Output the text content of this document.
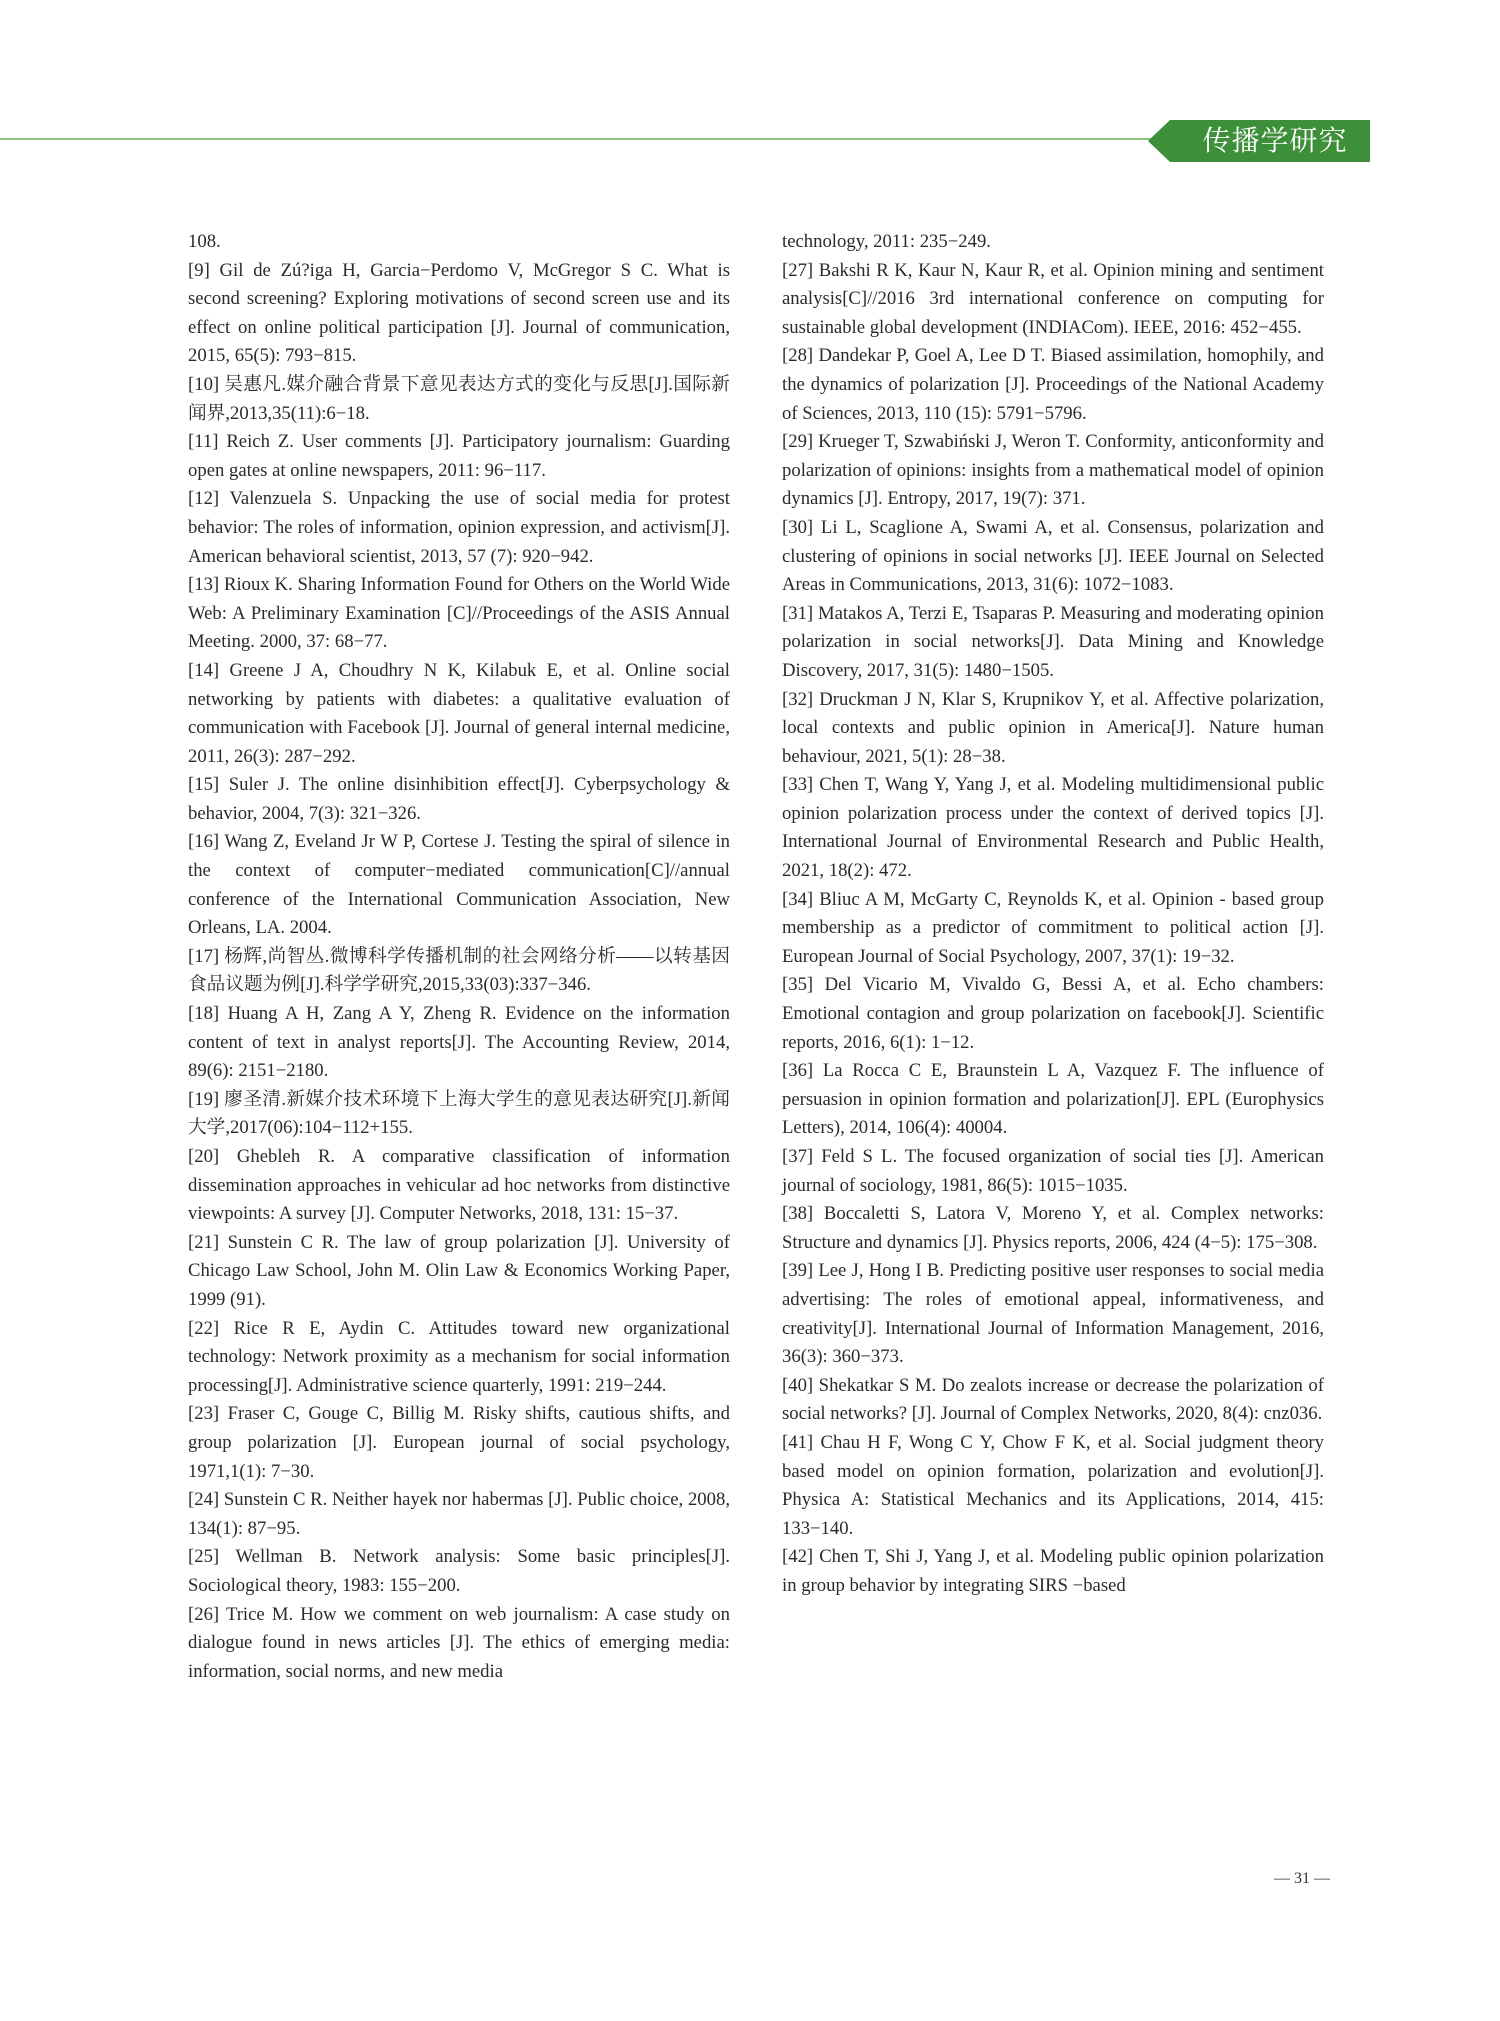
传播学研究

108.

[9] Gil de Zú?iga H, Garcia−Perdomo V, McGregor S C. What is second screening? Exploring motivations of second screen use and its effect on online political participation [J]. Journal of communication, 2015, 65(5): 793−815.

[10] 吴惠凡.媒介融合背景下意见表达方式的变化与反思[J].国际新闻界,2013,35(11):6−18.

[11] Reich Z. User comments [J]. Participatory journalism: Guarding open gates at online newspapers, 2011: 96−117.

[12] Valenzuela S. Unpacking the use of social media for protest behavior: The roles of information, opinion expression, and activism[J]. American behavioral scientist, 2013, 57 (7): 920−942.

[13] Rioux K. Sharing Information Found for Others on the World Wide Web: A Preliminary Examination [C]//Proceedings of the ASIS Annual Meeting. 2000, 37: 68−77.

[14] Greene J A, Choudhry N K, Kilabuk E, et al. Online social networking by patients with diabetes: a qualitative evaluation of communication with Facebook [J]. Journal of general internal medicine, 2011, 26(3): 287−292.

[15] Suler J. The online disinhibition effect[J]. Cyberpsychology & behavior, 2004, 7(3): 321−326.

[16] Wang Z, Eveland Jr W P, Cortese J. Testing the spiral of silence in the context of computer−mediated communication[C]//annual conference of the International Communication Association, New Orleans, LA. 2004.

[17] 杨辉,尚智丛.微博科学传播机制的社会网络分析——以转基因食品议题为例[J].科学学研究,2015,33(03):337−346.

[18] Huang A H, Zang A Y, Zheng R. Evidence on the information content of text in analyst reports[J]. The Accounting Review, 2014, 89(6): 2151−2180.

[19] 廖圣清.新媒介技术环境下上海大学生的意见表达研究[J].新闻大学,2017(06):104−112+155.

[20] Ghebleh R. A comparative classification of information dissemination approaches in vehicular ad hoc networks from distinctive viewpoints: A survey [J]. Computer Networks, 2018, 131: 15−37.

[21] Sunstein C R. The law of group polarization [J]. University of Chicago Law School, John M. Olin Law & Economics Working Paper, 1999 (91).

[22] Rice R E, Aydin C. Attitudes toward new organizational technology: Network proximity as a mechanism for social information processing[J]. Administrative science quarterly, 1991: 219−244.

[23] Fraser C, Gouge C, Billig M. Risky shifts, cautious shifts, and group polarization [J]. European journal of social psychology, 1971,1(1): 7−30.

[24] Sunstein C R. Neither hayek nor habermas [J]. Public choice, 2008, 134(1): 87−95.

[25] Wellman B. Network analysis: Some basic principles[J]. Sociological theory, 1983: 155−200.

[26] Trice M. How we comment on web journalism: A case study on dialogue found in news articles [J]. The ethics of emerging media: information, social norms, and new media

technology, 2011: 235−249.

[27] Bakshi R K, Kaur N, Kaur R, et al. Opinion mining and sentiment analysis[C]//2016 3rd international conference on computing for sustainable global development (INDIACom). IEEE, 2016: 452−455.

[28] Dandekar P, Goel A, Lee D T. Biased assimilation, homophily, and the dynamics of polarization [J]. Proceedings of the National Academy of Sciences, 2013, 110 (15): 5791−5796.

[29] Krueger T, Szwabiński J, Weron T. Conformity, anticonformity and polarization of opinions: insights from a mathematical model of opinion dynamics [J]. Entropy, 2017, 19(7): 371.

[30] Li L, Scaglione A, Swami A, et al. Consensus, polarization and clustering of opinions in social networks [J]. IEEE Journal on Selected Areas in Communications, 2013, 31(6): 1072−1083.

[31] Matakos A, Terzi E, Tsaparas P. Measuring and moderating opinion polarization in social networks[J]. Data Mining and Knowledge Discovery, 2017, 31(5): 1480−1505.

[32] Druckman J N, Klar S, Krupnikov Y, et al. Affective polarization, local contexts and public opinion in America[J]. Nature human behaviour, 2021, 5(1): 28−38.

[33] Chen T, Wang Y, Yang J, et al. Modeling multidimensional public opinion polarization process under the context of derived topics [J]. International Journal of Environmental Research and Public Health, 2021, 18(2): 472.

[34] Bliuc A M, McGarty C, Reynolds K, et al. Opinion - based group membership as a predictor of commitment to political action [J]. European Journal of Social Psychology, 2007, 37(1): 19−32.

[35] Del Vicario M, Vivaldo G, Bessi A, et al. Echo chambers: Emotional contagion and group polarization on facebook[J]. Scientific reports, 2016, 6(1): 1−12.

[36] La Rocca C E, Braunstein L A, Vazquez F. The influence of persuasion in opinion formation and polarization[J]. EPL (Europhysics Letters), 2014, 106(4): 40004.

[37] Feld S L. The focused organization of social ties [J]. American journal of sociology, 1981, 86(5): 1015−1035.

[38] Boccaletti S, Latora V, Moreno Y, et al. Complex networks: Structure and dynamics [J]. Physics reports, 2006, 424 (4−5): 175−308.

[39] Lee J, Hong I B. Predicting positive user responses to social media advertising: The roles of emotional appeal, informativeness, and creativity[J]. International Journal of Information Management, 2016, 36(3): 360−373.

[40] Shekatkar S M. Do zealots increase or decrease the polarization of social networks? [J]. Journal of Complex Networks, 2020, 8(4): cnz036.

[41] Chau H F, Wong C Y, Chow F K, et al. Social judgment theory based model on opinion formation, polarization and evolution[J]. Physica A: Statistical Mechanics and its Applications, 2014, 415: 133−140.

[42] Chen T, Shi J, Yang J, et al. Modeling public opinion polarization in group behavior by integrating SIRS −based

— 31 —
